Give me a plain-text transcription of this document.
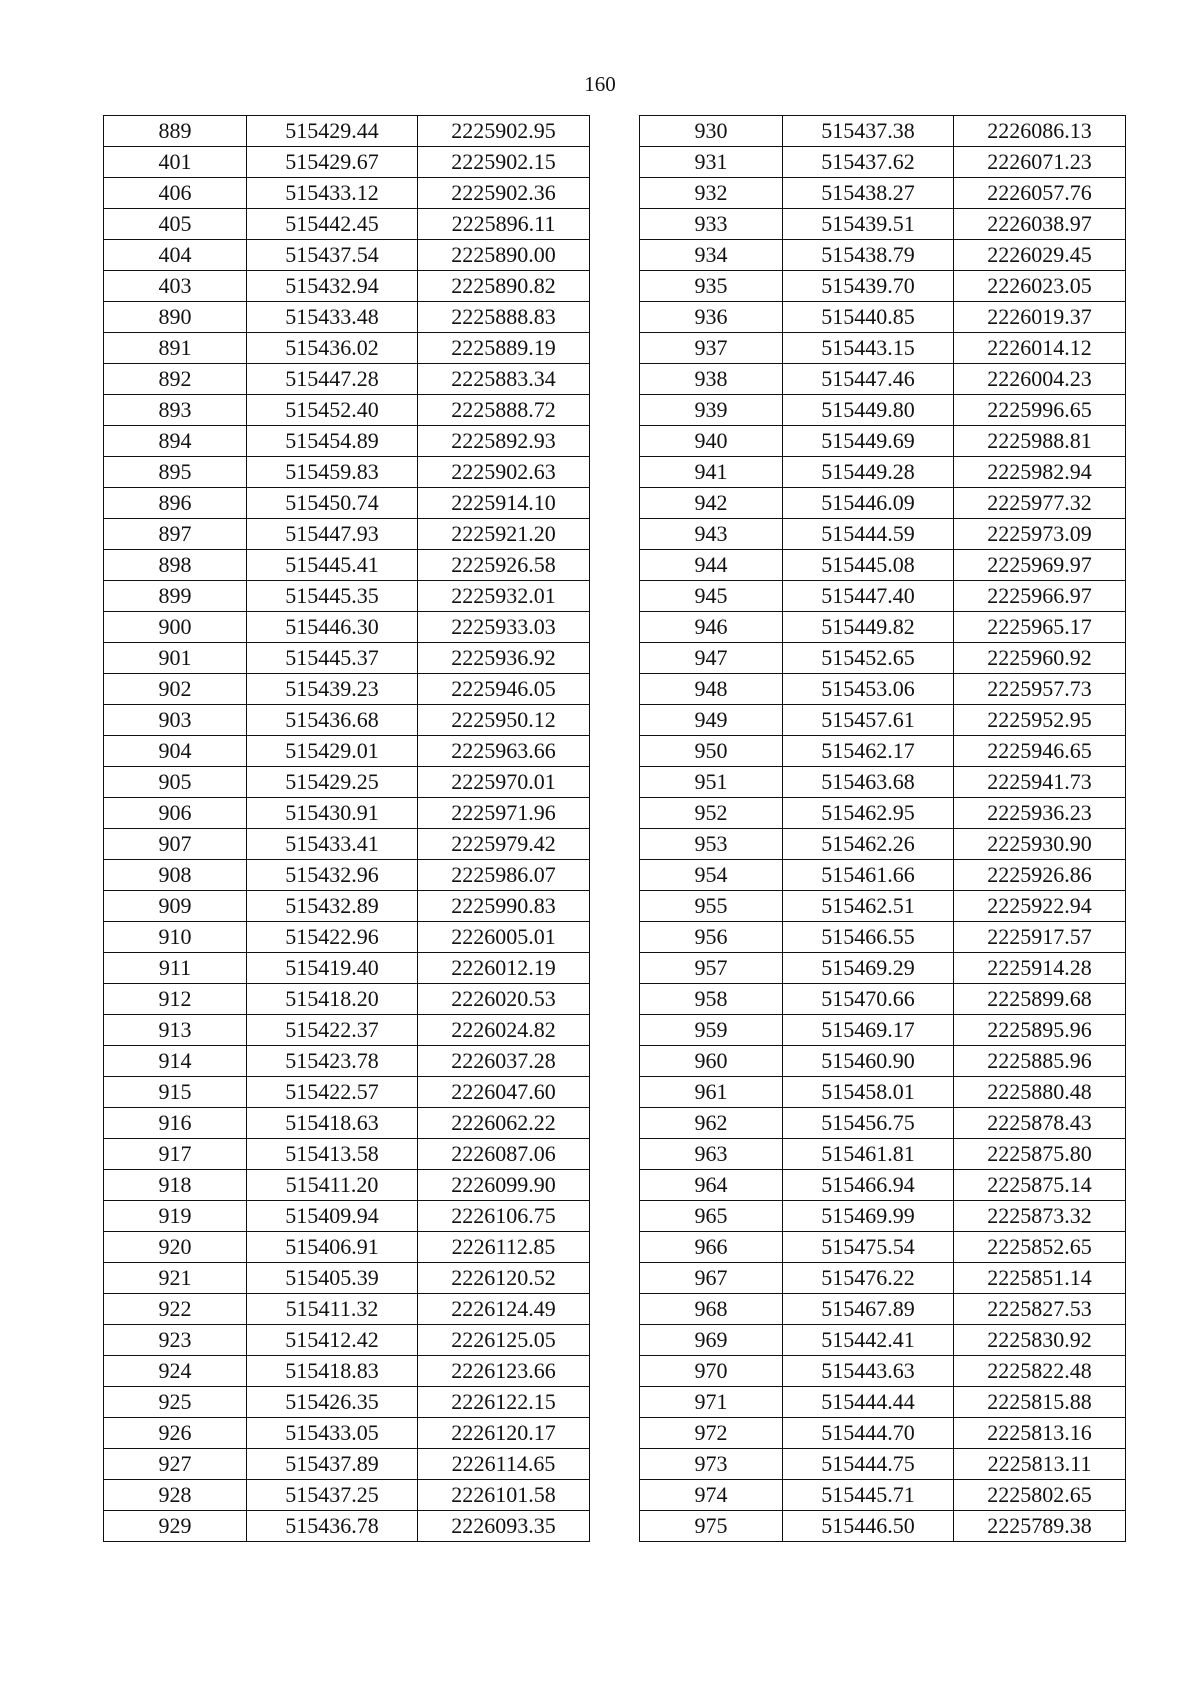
160
889	515429.44	2225902.95
401	515429.67	2225902.15
406	515433.12	2225902.36
405	515442.45	2225896.11
404	515437.54	2225890.00
403	515432.94	2225890.82
890	515433.48	2225888.83
891	515436.02	2225889.19
892	515447.28	2225883.34
893	515452.40	2225888.72
894	515454.89	2225892.93
895	515459.83	2225902.63
896	515450.74	2225914.10
897	515447.93	2225921.20
898	515445.41	2225926.58
899	515445.35	2225932.01
900	515446.30	2225933.03
901	515445.37	2225936.92
902	515439.23	2225946.05
903	515436.68	2225950.12
904	515429.01	2225963.66
905	515429.25	2225970.01
906	515430.91	2225971.96
907	515433.41	2225979.42
908	515432.96	2225986.07
909	515432.89	2225990.83
910	515422.96	2226005.01
911	515419.40	2226012.19
912	515418.20	2226020.53
913	515422.37	2226024.82
914	515423.78	2226037.28
915	515422.57	2226047.60
916	515418.63	2226062.22
917	515413.58	2226087.06
918	515411.20	2226099.90
919	515409.94	2226106.75
920	515406.91	2226112.85
921	515405.39	2226120.52
922	515411.32	2226124.49
923	515412.42	2226125.05
924	515418.83	2226123.66
925	515426.35	2226122.15
926	515433.05	2226120.17
927	515437.89	2226114.65
928	515437.25	2226101.58
929	515436.78	2226093.35
930	515437.38	2226086.13
931	515437.62	2226071.23
932	515438.27	2226057.76
933	515439.51	2226038.97
934	515438.79	2226029.45
935	515439.70	2226023.05
936	515440.85	2226019.37
937	515443.15	2226014.12
938	515447.46	2226004.23
939	515449.80	2225996.65
940	515449.69	2225988.81
941	515449.28	2225982.94
942	515446.09	2225977.32
943	515444.59	2225973.09
944	515445.08	2225969.97
945	515447.40	2225966.97
946	515449.82	2225965.17
947	515452.65	2225960.92
948	515453.06	2225957.73
949	515457.61	2225952.95
950	515462.17	2225946.65
951	515463.68	2225941.73
952	515462.95	2225936.23
953	515462.26	2225930.90
954	515461.66	2225926.86
955	515462.51	2225922.94
956	515466.55	2225917.57
957	515469.29	2225914.28
958	515470.66	2225899.68
959	515469.17	2225895.96
960	515460.90	2225885.96
961	515458.01	2225880.48
962	515456.75	2225878.43
963	515461.81	2225875.80
964	515466.94	2225875.14
965	515469.99	2225873.32
966	515475.54	2225852.65
967	515476.22	2225851.14
968	515467.89	2225827.53
969	515442.41	2225830.92
970	515443.63	2225822.48
971	515444.44	2225815.88
972	515444.70	2225813.16
973	515444.75	2225813.11
974	515445.71	2225802.65
975	515446.50	2225789.38
